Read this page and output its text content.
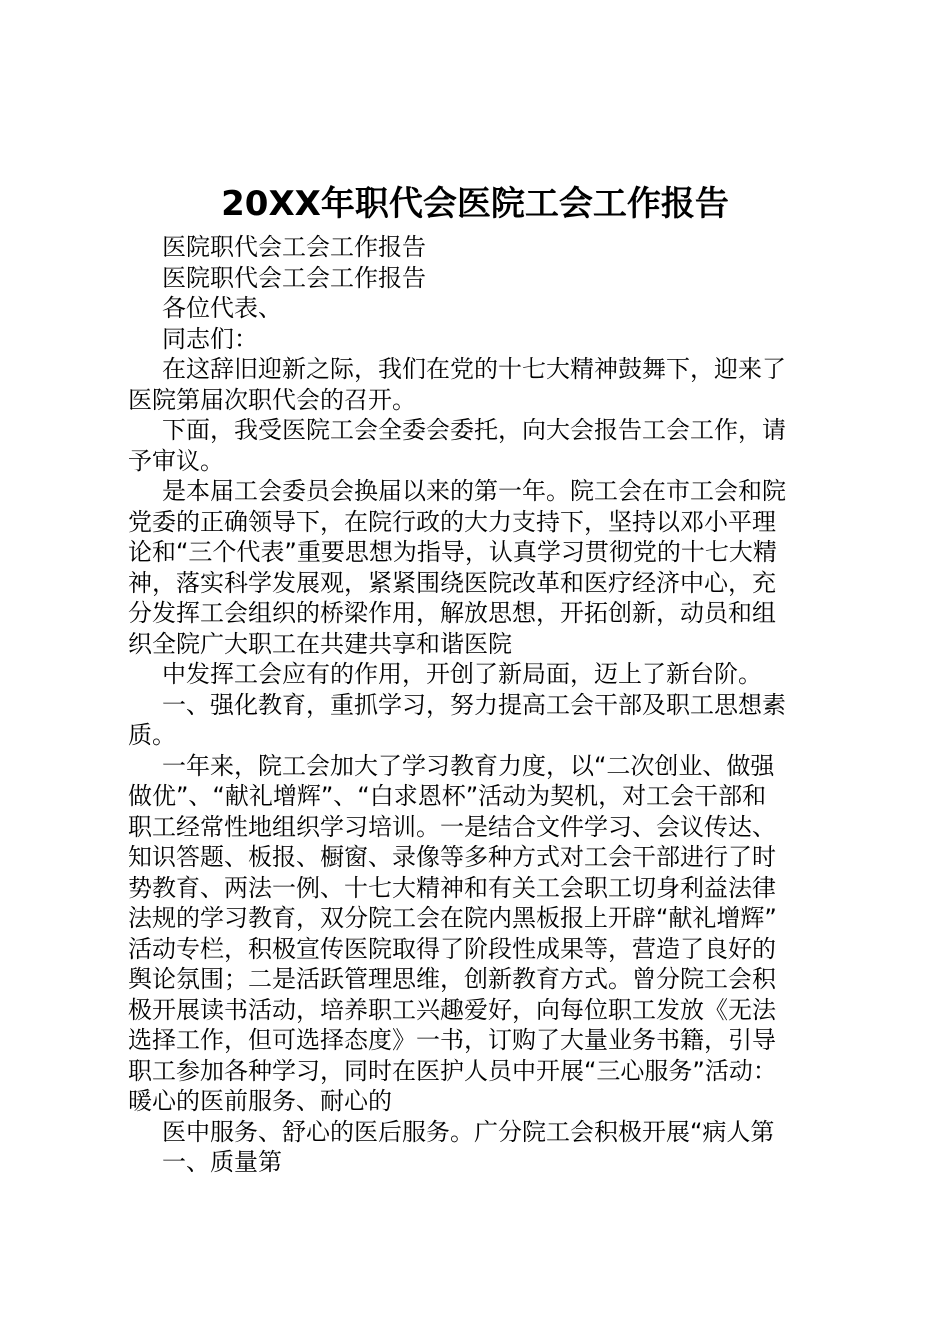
20XX年职代会医院工会工作报告
医院职代会工会工作报告
医院职代会工会工作报告
各位代表、
同志们：
在这辞旧迎新之际，我们在党的十七大精神鼓舞下，迎来了
医院第届次职代会的召开。
下面，我受医院工会全委会委托，向大会报告工会工作，请
予审议。
是本届工会委员会换届以来的第一年。院工会在市工会和院
党委的正确领导下，在院行政的大力支持下，坚持以邓小平理
论和“三个代表”重要思想为指导，认真学习贯彻党的十七大精
神，落实科学发展观，紧紧围绕医院改革和医疗经济中心，充
分发挥工会组织的桥梁作用，解放思想，开拓创新，动员和组
织全院广大职工在共建共享和谐医院
中发挥工会应有的作用，开创了新局面，迈上了新台阶。
一、强化教育，重抓学习，努力提高工会干部及职工思想素
质。
一年来，院工会加大了学习教育力度，以“二次创业、做强
做优”、“献礼增辉”、“白求恩杯”活动为契机，对工会干部和
职工经常性地组织学习培训。一是结合文件学习、会议传达、
知识答题、板报、橱窗、录像等多种方式对工会干部进行了时
势教育、两法一例、十七大精神和有关工会职工切身利益法律
法规的学习教育，双分院工会在院内黑板报上开辟“献礼增辉”
活动专栏，积极宣传医院取得了阶段性成果等，营造了良好的
舆论氛围；二是活跃管理思维，创新教育方式。曾分院工会积
极开展读书活动，培养职工兴趣爱好，向每位职工发放《无法
选择工作，但可选择态度》一书，订购了大量业务书籍，引导
职工参加各种学习，同时在医护人员中开展“三心服务”活动：
暖心的医前服务、耐心的
医中服务、舒心的医后服务。广分院工会积极开展“病人第
一、质量第
